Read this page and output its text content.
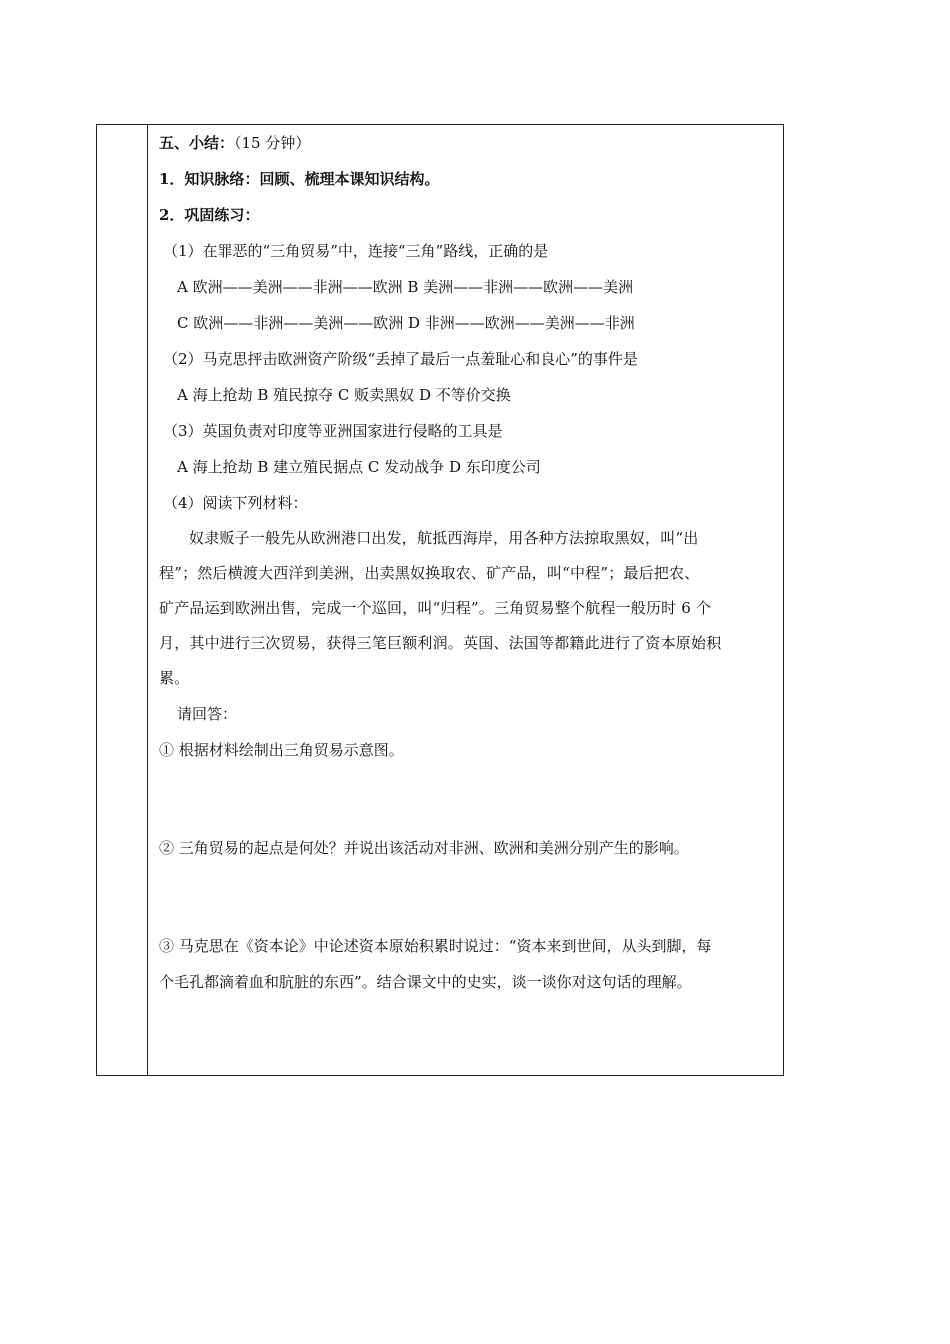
五、小结：（15 分钟）
1．知识脉络：回顾、梳理本课知识结构。
2．巩固练习：
（1）在罪恶的“三角贸易”中，连接“三角”路线，正确的是
A 欧洲——美洲——非洲——欧洲 B 美洲——非洲——欧洲——美洲
C 欧洲——非洲——美洲——欧洲 D 非洲——欧洲——美洲——非洲
（2）马克思抨击欧洲资产阶级“丢掉了最后一点羞耻心和良心”的事件是
A 海上抢劫 B 殖民掠夺 C 贩卖黑奴 D 不等价交换
（3）英国负责对印度等亚洲国家进行侵略的工具是
A 海上抢劫 B 建立殖民据点 C 发动战争 D 东印度公司
（4）阅读下列材料：

奴隶贩子一般先从欧洲港口出发，航抵西海岸，用各种方法掠取黑奴，叫“出

程”；然后横渡大西洋到美洲，出卖黑奴换取农、矿产品，叫“中程”；最后把农、

矿产品运到欧洲出售，完成一个巡回，叫“归程”。三角贸易整个航程一般历时 6 个

月，其中进行三次贸易，获得三笔巨额利润。英国、法国等都籍此进行了资本原始积

累。

请回答：
① 根据材料绘制出三角贸易示意图。
② 三角贸易的起点是何处？并说出该活动对非洲、欧洲和美洲分别产生的影响。
③ 马克思在《资本论》中论述资本原始积累时说过：“资本来到世间，从头到脚，每
个毛孔都滴着血和肮脏的东西”。结合课文中的史实，谈一谈你对这句话的理解。
